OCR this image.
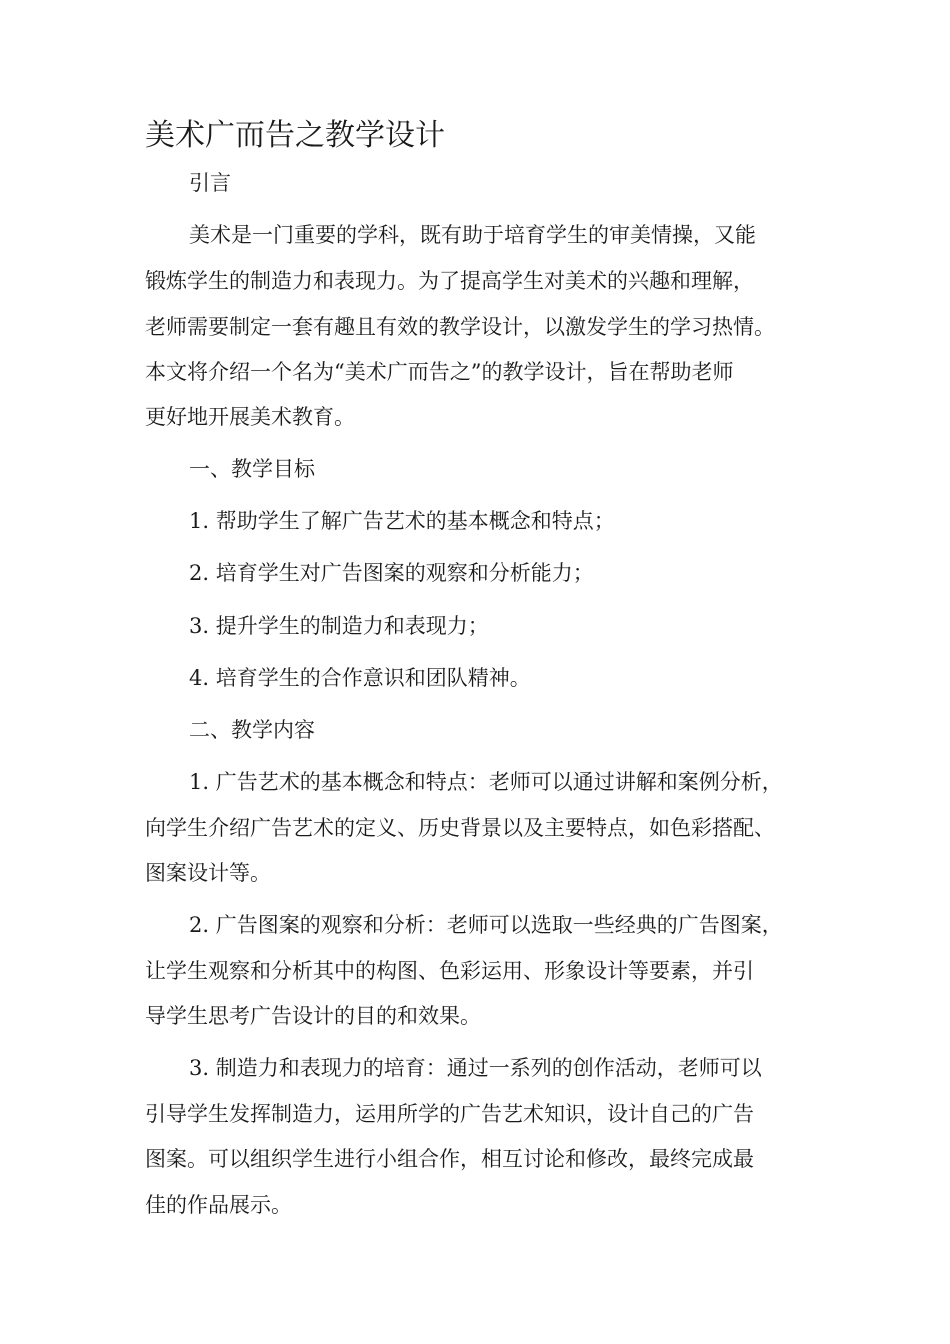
美术广而告之教学设计

引言

美术是一门重要的学科，既有助于培育学生的审美情操，又能

锻炼学生的制造力和表现力。为了提高学生对美术的兴趣和理解，

老师需要制定一套有趣且有效的教学设计，以激发学生的学习热情。

本文将介绍一个名为“美术广而告之”的教学设计，旨在帮助老师

更好地开展美术教育。

一、教学目标

1. 帮助学生了解广告艺术的基本概念和特点；

2. 培育学生对广告图案的观察和分析能力；

3. 提升学生的制造力和表现力；

4. 培育学生的合作意识和团队精神。

二、教学内容

1. 广告艺术的基本概念和特点：老师可以通过讲解和案例分析，

向学生介绍广告艺术的定义、历史背景以及主要特点，如色彩搭配、

图案设计等。

2. 广告图案的观察和分析：老师可以选取一些经典的广告图案，

让学生观察和分析其中的构图、色彩运用、形象设计等要素，并引

导学生思考广告设计的目的和效果。

3. 制造力和表现力的培育：通过一系列的创作活动，老师可以

引导学生发挥制造力，运用所学的广告艺术知识，设计自己的广告

图案。可以组织学生进行小组合作，相互讨论和修改，最终完成最

佳的作品展示。
